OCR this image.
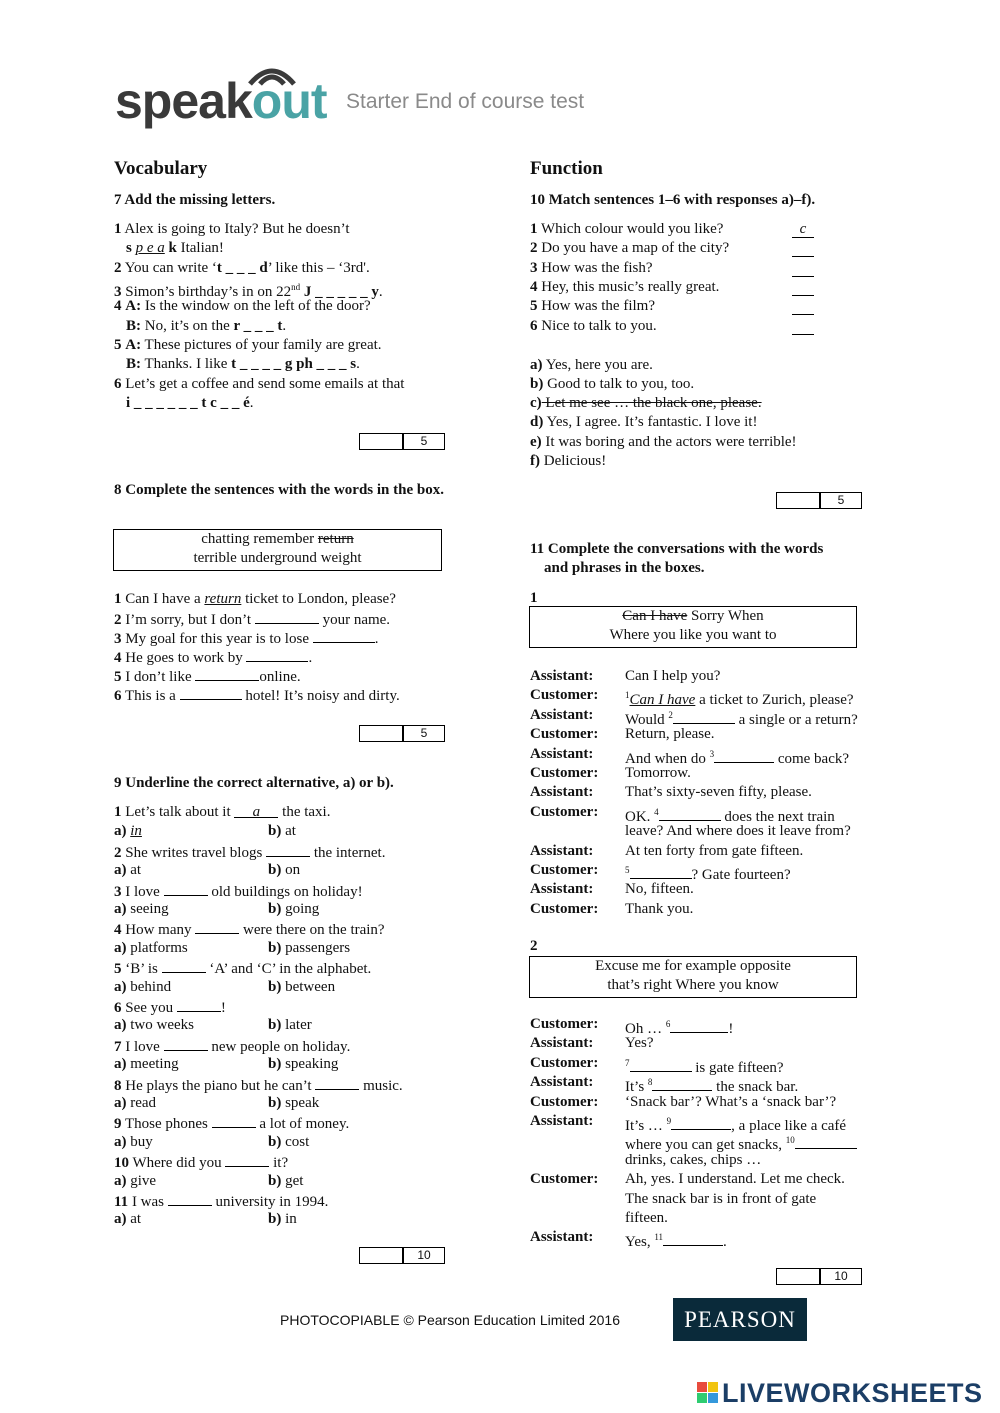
speakout Starter End of course test
Vocabulary
7 Add the missing letters.
1 Alex is going to Italy? But he doesn’t
s p e a k Italian!
2 You can write ‘t _ _ _ d’ like this – ‘3rd'.
3 Simon’s birthday’s in on 22nd J _ _ _ _ _ y.
4 A: Is the window on the left of the door?
B: No, it’s on the r _ _ _ t.
5 A: These pictures of your family are great.
B: Thanks. I like t _ _ _ _ g ph _ _ _ s.
6 Let’s get a coffee and send some emails at that
i _ _ _ _ _ _ t c _ _ é.
5
8 Complete the sentences with the words in the box.
chatting remember return
terrible underground weight
1 Can I have a return ticket to London, please?
2 I’m sorry, but I don’t	your name.
3 My goal for this year is to lose	.
4 He goes to work by	.
5 I don’t like	online.
6 This is a	hotel! It’s noisy and dirty.
5
9 Underline the correct alternative, a) or b).
1 Let’s talk about it a the taxi.
a) in	b) at
2 She writes travel blogs	the internet.
a) at	b) on
3 I love	old buildings on holiday!
a) seeing	b) going
4 How many	were there on the train?
a) platforms	b) passengers
5 ‘B’ is	‘A’ and ‘C’ in the alphabet.
a) behind	b) between
6 See you	!
a) two weeks	b) later
7 I love	new people on holiday.
a) meeting	b) speaking
8 He plays the piano but he can’t	music.
a) read	b) speak
9 Those phones	a lot of money.
a) buy	b) cost
10 Where did you	it?
a) give	b) get
11 I was	university in 1994.
a) at	b) in
10
Function
10 Match sentences 1–6 with responses a)–f).
1 Which colour would you like?	c
2 Do you have a map of the city?
3 How was the fish?
4 Hey, this music’s really great.
5 How was the film?
6 Nice to talk to you.
a) Yes, here you are.
b) Good to talk to you, too.
c) Let me see … the black one, please.
d) Yes, I agree. It’s fantastic. I love it!
e) It was boring and the actors were terrible!
f) Delicious!
5
11 Complete the conversations with the words
and phrases in the boxes.
1
Can I have Sorry When
Where you like you want to
Assistant: Can I help you?
Customer:	$^1$Can I have a ticket to Zurich, please?
Assistant: Would $^2$	a single or a return?
Customer: Return, please.
Assistant: And when do $^3$	come back?
Customer: Tomorrow.
Assistant: That’s sixty-seven fifty, please.
Customer: OK. $^4$	does the next train
leave? And where does it leave from?
Assistant: At ten forty from gate fifteen.
Customer:	$^5$	? Gate fourteen?
Assistant: No, fifteen.
Customer: Thank you.
2
Excuse me for example opposite
that’s right Where you know
Customer: Oh … $^6$	!
Assistant: Yes?
Customer:	$^7$	is gate fifteen?
Assistant: It’s $^8$	the snack bar.
Customer: ‘Snack bar’? What’s a ‘snack bar’?
Assistant: It’s … $^9$	, a place like a café
where you can get snacks, $^{10}$
drinks, cakes, chips …
Customer: Ah, yes. I understand. Let me check.
The snack bar is in front of gate
fifteen.
Assistant: Yes, $^{11}$	.
10
PHOTOCOPIABLE © Pearson Education Limited 2016	PEARSON
LIVEWORKSHEETS
